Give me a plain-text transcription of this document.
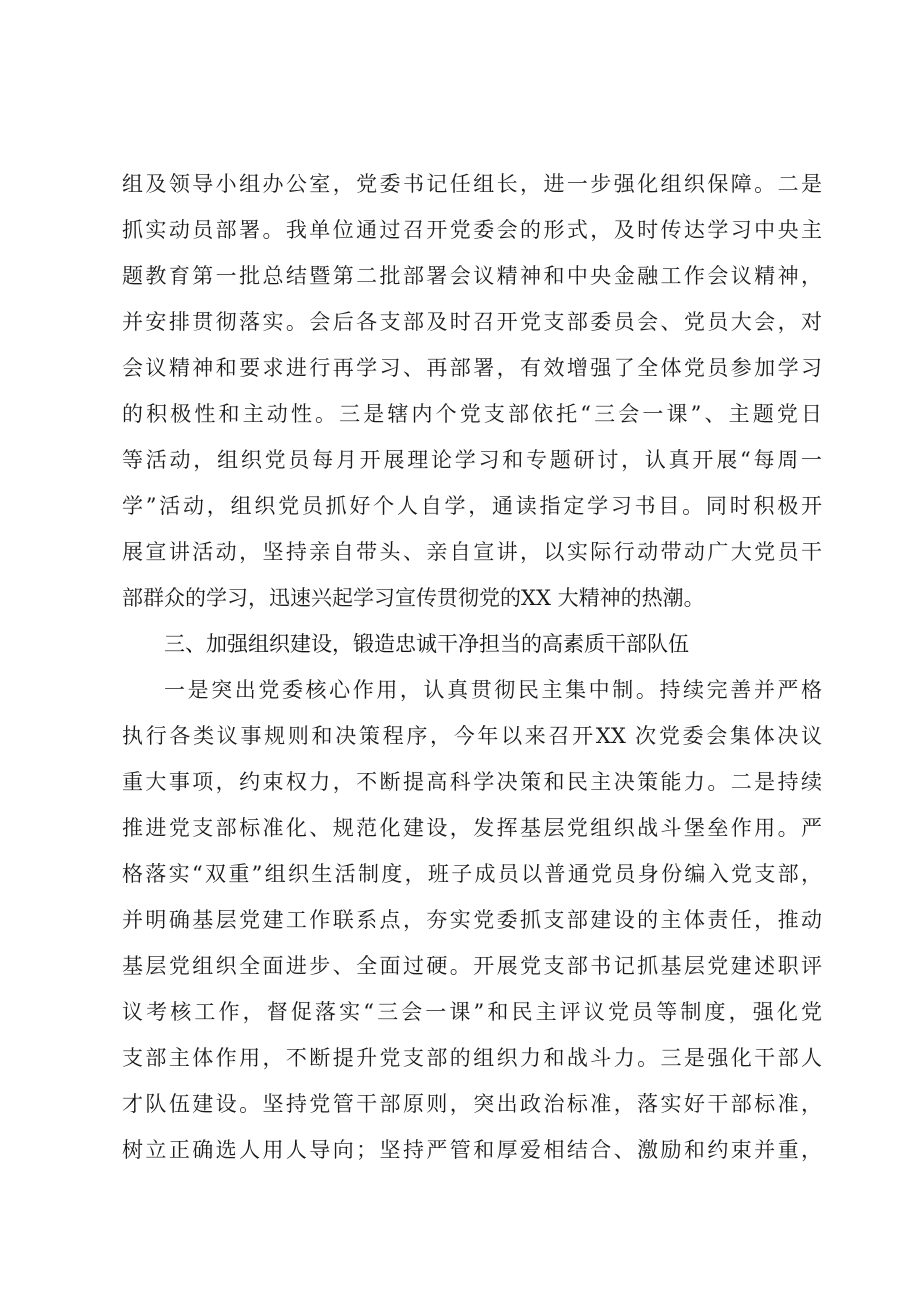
组及领导小组办公室，党委书记任组长，进一步强化组织保障。二是
抓实动员部署。我单位通过召开党委会的形式，及时传达学习中央主
题教育第一批总结暨第二批部署会议精神和中央金融工作会议精神，
并安排贯彻落实。会后各支部及时召开党支部委员会、党员大会，对
会议精神和要求进行再学习、再部署，有效增强了全体党员参加学习
的积极性和主动性。三是辖内个党支部依托“三会一课”、主题党日
等活动，组织党员每月开展理论学习和专题研讨，认真开展“每周一
学”活动，组织党员抓好个人自学，通读指定学习书目。同时积极开
展宣讲活动，坚持亲自带头、亲自宣讲，以实际行动带动广大党员干
部群众的学习，迅速兴起学习宣传贯彻党的XX 大精神的热潮。
三、加强组织建设，锻造忠诚干净担当的高素质干部队伍
一是突出党委核心作用，认真贯彻民主集中制。持续完善并严格
执行各类议事规则和决策程序，今年以来召开XX 次党委会集体决议
重大事项，约束权力，不断提高科学决策和民主决策能力。二是持续
推进党支部标准化、规范化建设，发挥基层党组织战斗堡垒作用。严
格落实“双重”组织生活制度，班子成员以普通党员身份编入党支部，
并明确基层党建工作联系点，夯实党委抓支部建设的主体责任，推动
基层党组织全面进步、全面过硬。开展党支部书记抓基层党建述职评
议考核工作，督促落实“三会一课”和民主评议党员等制度，强化党
支部主体作用，不断提升党支部的组织力和战斗力。三是强化干部人
才队伍建设。坚持党管干部原则，突出政治标准，落实好干部标准，
树立正确选人用人导向；坚持严管和厚爱相结合、激励和约束并重，
